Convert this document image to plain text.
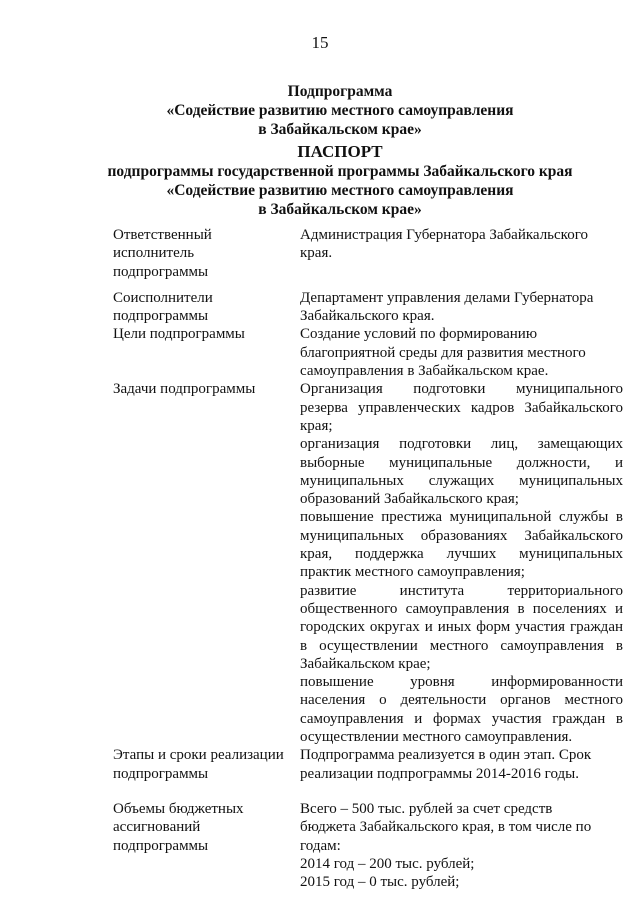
15
Подпрограмма
«Содействие развитию местного самоуправления
в Забайкальском крае»
ПАСПОРТ
подпрограммы государственной программы Забайкальского края
«Содействие развитию местного самоуправления
в Забайкальском крае»
Ответственный
исполнитель
подпрограммы
Администрация Губернатора Забайкальского
края.
Соисполнители
подпрограммы
Департамент управления делами Губернатора
Забайкальского края.
Цели подпрограммы	Создание условий по формированию
благоприятной среды для развития местного
самоуправления в Забайкальском крае.
Задачи подпрограммы	Организация подготовки муниципального
резерва управленческих кадров Забайкальского
края;
организация подготовки лиц, замещающих
выборные муниципальные должности, и
муниципальных служащих муниципальных
образований Забайкальского края;
повышение престижа муниципальной службы в
муниципальных образованиях Забайкальского
края, поддержка лучших муниципальных
практик местного самоуправления;
развитие института территориального
общественного самоуправления в поселениях и
городских округах и иных форм участия граждан
в осуществлении местного самоуправления в
Забайкальском крае;
повышение уровня информированности
населения о деятельности органов местного
самоуправления и формах участия граждан в
осуществлении местного самоуправления.
Этапы и сроки реализации
подпрограммы
Подпрограмма реализуется в один этап. Срок
реализации подпрограммы 2014-2016 годы.
Объемы бюджетных
ассигнований
подпрограммы
Всего – 500 тыс. рублей за счет средств
бюджета Забайкальского края, в том числе по
годам:
2014 год – 200 тыс. рублей;
2015 год – 0 тыс. рублей;
